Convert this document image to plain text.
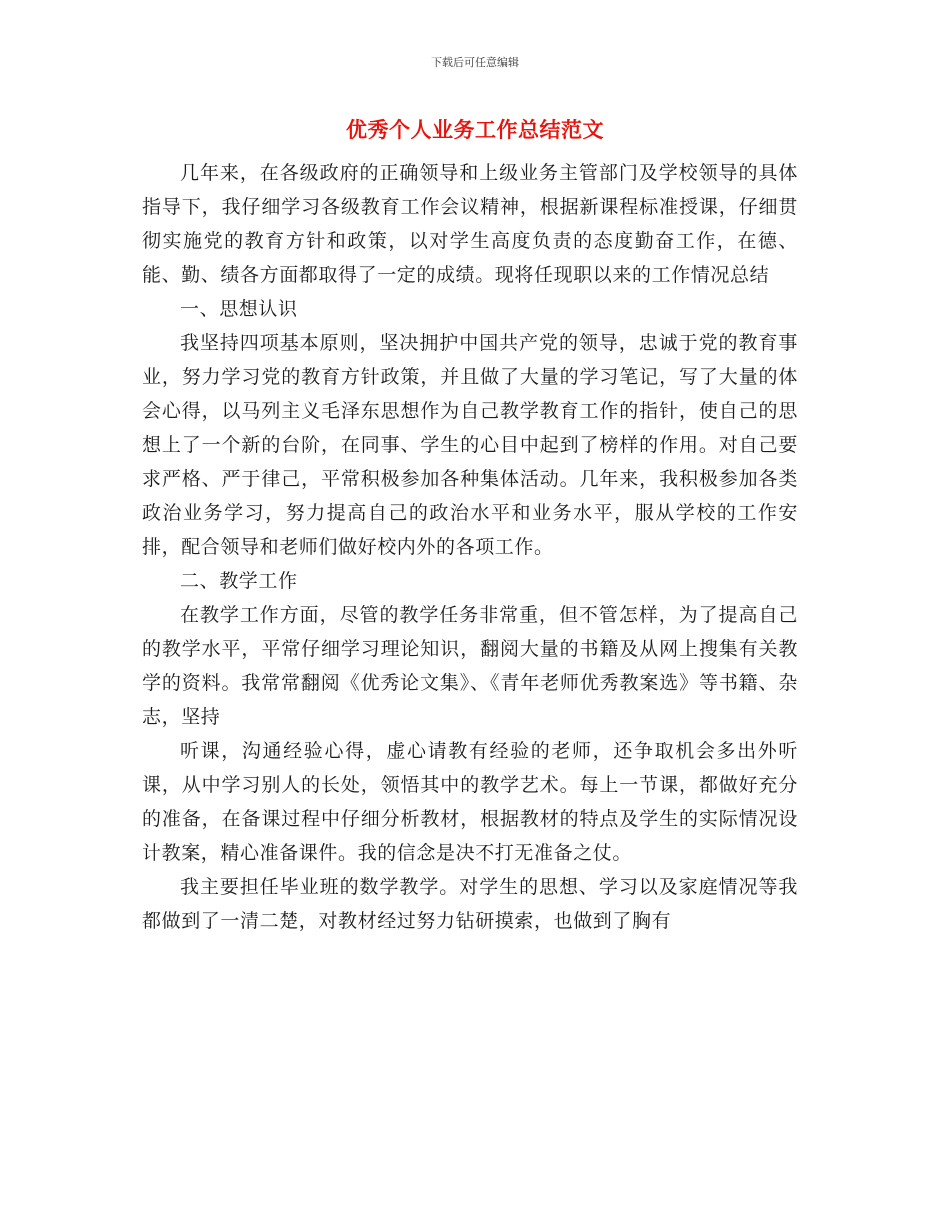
下载后可任意编辑
优秀个人业务工作总结范文

几年来，在各级政府的正确领导和上级业务主管部门及学校领导的具体指导下，我仔细学习各级教育工作会议精神，根据新课程标准授课，仔细贯彻实施党的教育方针和政策，以对学生高度负责的态度勤奋工作，在德、能、勤、绩各方面都取得了一定的成绩。现将任现职以来的工作情况总结

一、思想认识

我坚持四项基本原则，坚决拥护中国共产党的领导，忠诚于党的教育事业，努力学习党的教育方针政策，并且做了大量的学习笔记，写了大量的体会心得，以马列主义毛泽东思想作为自己教学教育工作的指针，使自己的思想上了一个新的台阶，在同事、学生的心目中起到了榜样的作用。对自己要求严格、严于律己，平常积极参加各种集体活动。几年来，我积极参加各类政治业务学习，努力提高自己的政治水平和业务水平，服从学校的工作安排，配合领导和老师们做好校内外的各项工作。

二、教学工作

在教学工作方面，尽管的教学任务非常重，但不管怎样，为了提高自己的教学水平，平常仔细学习理论知识，翻阅大量的书籍及从网上搜集有关教学的资料。我常常翻阅《优秀论文集》、《青年老师优秀教案选》等书籍、杂志，坚持

听课，沟通经验心得，虚心请教有经验的老师，还争取机会多出外听课，从中学习别人的长处，领悟其中的教学艺术。每上一节课，都做好充分的准备，在备课过程中仔细分析教材，根据教材的特点及学生的实际情况设计教案，精心准备课件。我的信念是决不打无准备之仗。

我主要担任毕业班的数学教学。对学生的思想、学习以及家庭情况等我都做到了一清二楚，对教材经过努力钻研摸索，也做到了胸有
